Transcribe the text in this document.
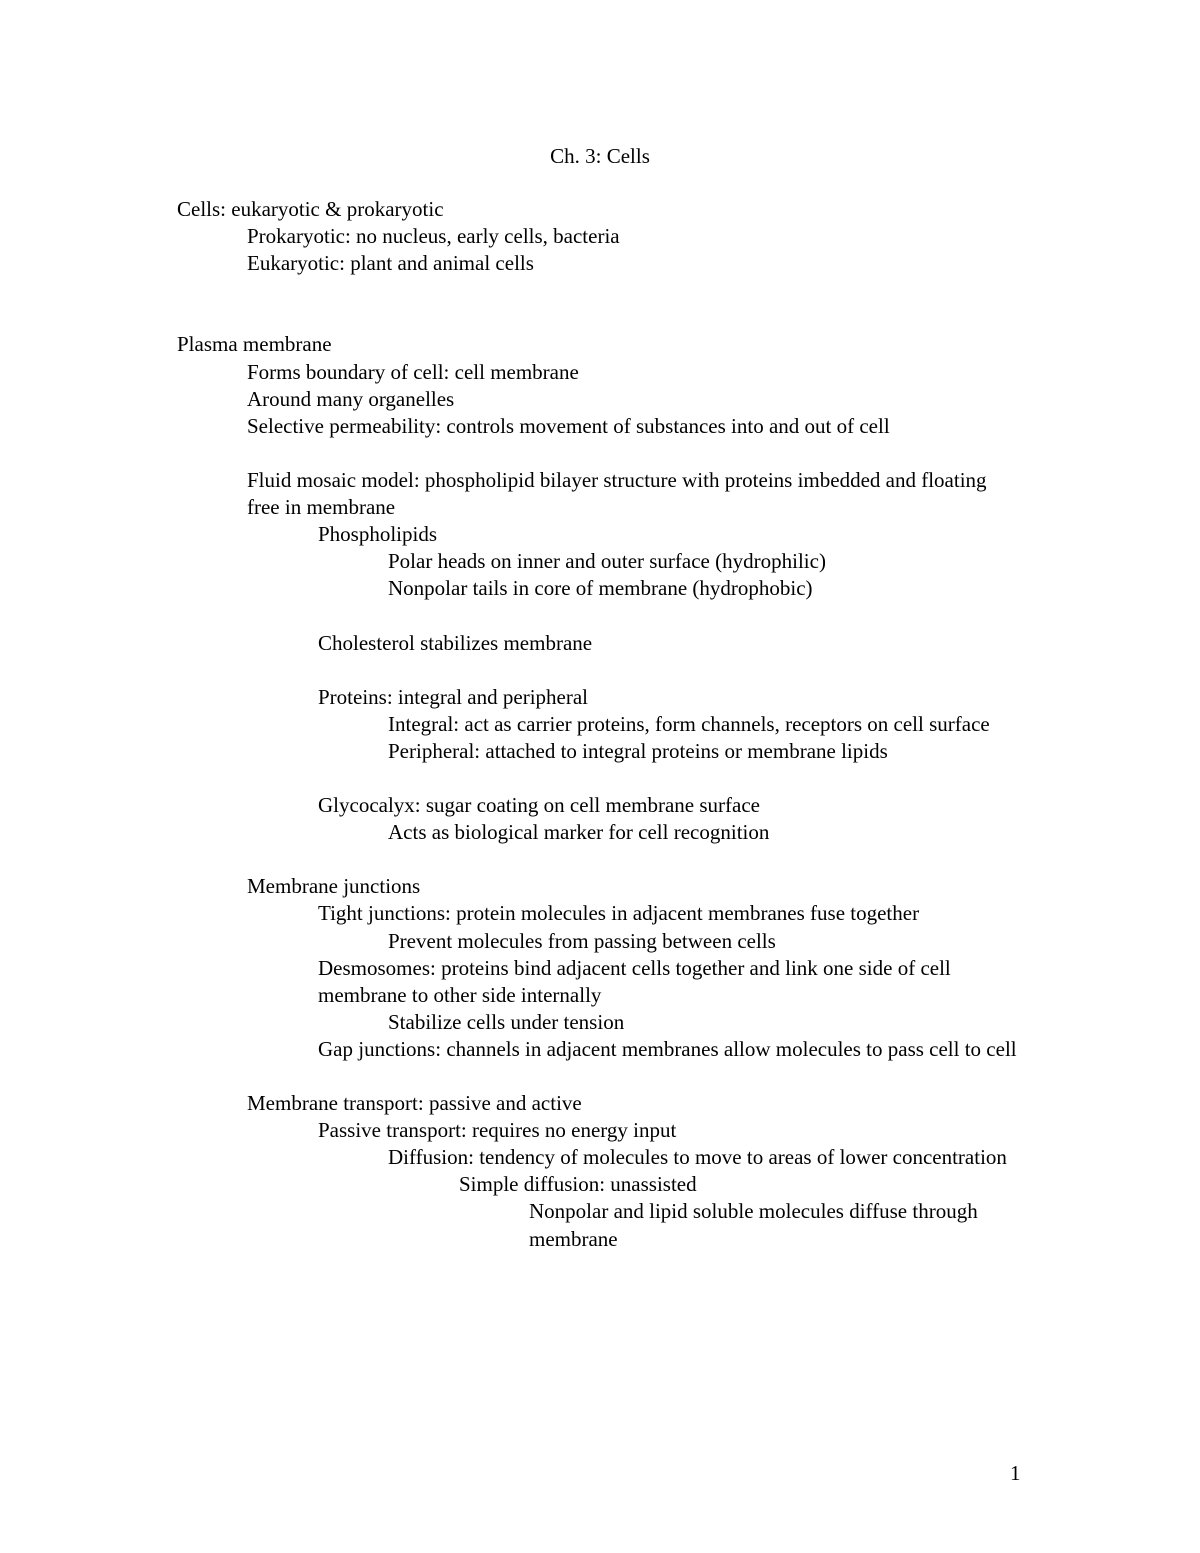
Ch. 3: Cells
Cells: eukaryotic & prokaryotic
Prokaryotic: no nucleus, early cells, bacteria
Eukaryotic: plant and animal cells
Plasma membrane
Forms boundary of cell: cell membrane
Around many organelles
Selective permeability: controls movement of substances into and out of cell
Fluid mosaic model: phospholipid bilayer structure with proteins imbedded and floating free in membrane
Phospholipids
Polar heads on inner and outer surface (hydrophilic)
Nonpolar tails in core of membrane (hydrophobic)
Cholesterol stabilizes membrane
Proteins: integral and peripheral
Integral: act as carrier proteins, form channels, receptors on cell surface
Peripheral: attached to integral proteins or membrane lipids
Glycocalyx: sugar coating on cell membrane surface
Acts as biological marker for cell recognition
Membrane junctions
Tight junctions: protein molecules in adjacent membranes fuse together
Prevent molecules from passing between cells
Desmosomes: proteins bind adjacent cells together and link one side of cell membrane to other side internally
Stabilize cells under tension
Gap junctions: channels in adjacent membranes allow molecules to pass cell to cell
Membrane transport: passive and active
Passive transport: requires no energy input
Diffusion: tendency of molecules to move to areas of lower concentration
Simple diffusion: unassisted
Nonpolar and lipid soluble molecules diffuse through membrane
1
